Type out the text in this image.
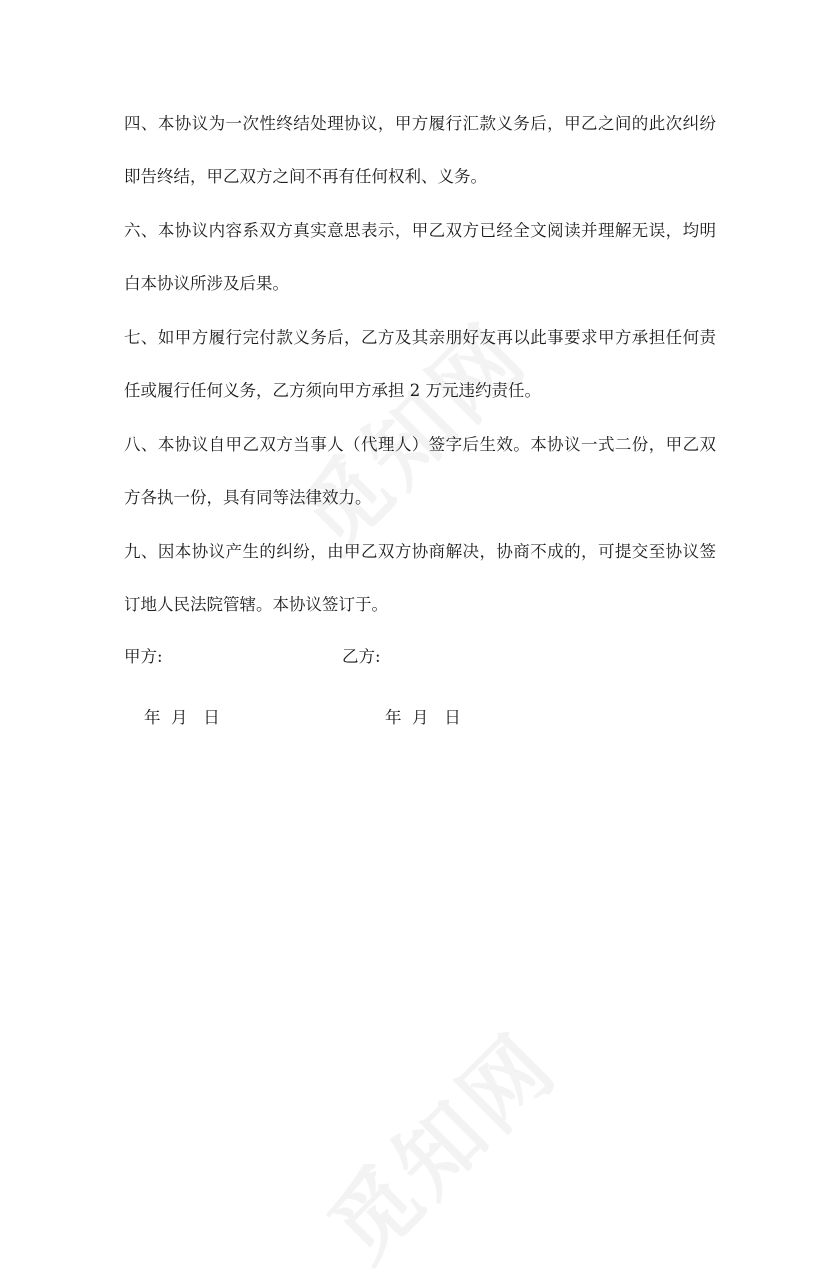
四、本协议为一次性终结处理协议，甲方履行汇款义务后，甲乙之间的此次纠纷即告终结，甲乙双方之间不再有任何权利、义务。

六、本协议内容系双方真实意思表示，甲乙双方已经全文阅读并理解无误，均明白本协议所涉及后果。

七、如甲方履行完付款义务后，乙方及其亲朋好友再以此事要求甲方承担任何责任或履行任何义务，乙方须向甲方承担 2 万元违约责任。

八、本协议自甲乙双方当事人（代理人）签字后生效。本协议一式二份，甲乙双方各执一份，具有同等法律效力。

九、因本协议产生的纠纷，由甲乙双方协商解决，协商不成的，可提交至协议签订地人民法院管辖。本协议签订于。

甲方:	乙方:
年  月   日	年  月   日
